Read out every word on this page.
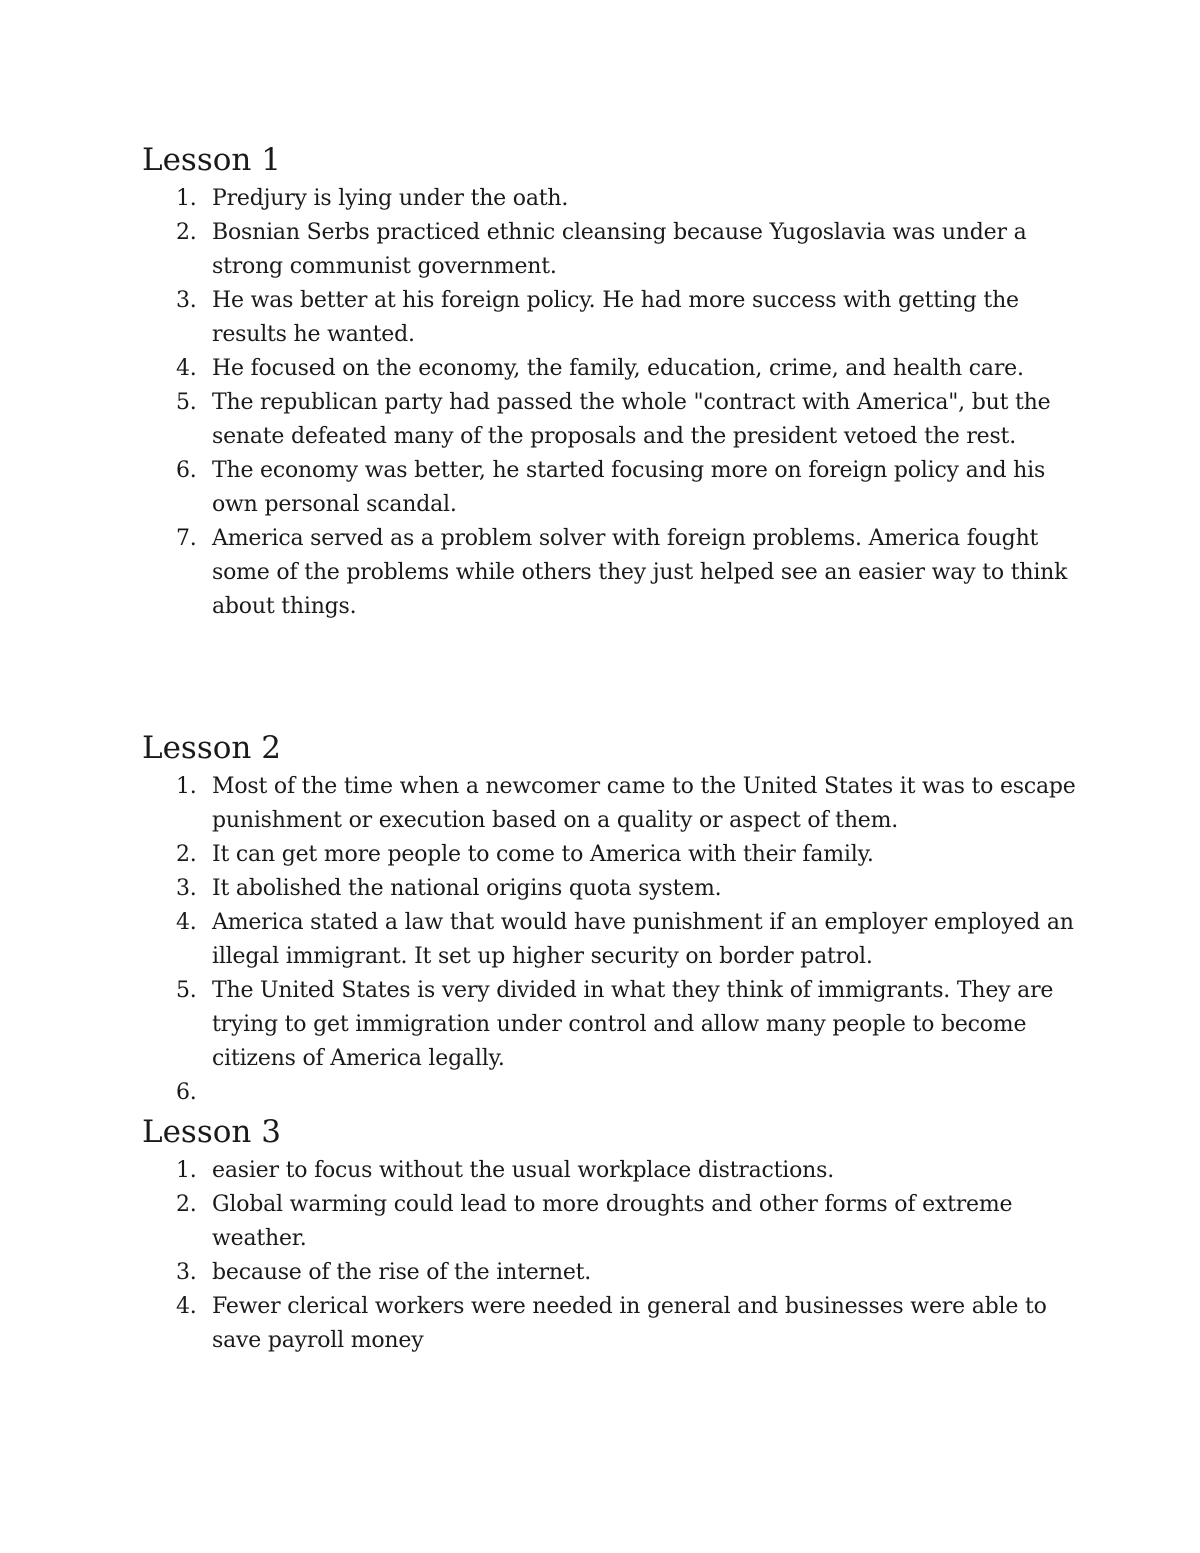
Lesson 1
1. Predjury is lying under the oath.
2. Bosnian Serbs practiced ethnic cleansing because Yugoslavia was under a strong communist government.
3. He was better at his foreign policy. He had more success with getting the results he wanted.
4. He focused on the economy, the family, education, crime, and health care.
5. The republican party had passed the whole "contract with America", but the senate defeated many of the proposals and the president vetoed the rest.
6. The economy was better, he started focusing more on foreign policy and his own personal scandal.
7. America served as a problem solver with foreign problems. America fought some of the problems while others they just helped see an easier way to think about things.
Lesson 2
1. Most of the time when a newcomer came to the United States it was to escape punishment or execution based on a quality or aspect of them.
2. It can get more people to come to America with their family.
3. It abolished the national origins quota system.
4. America stated a law that would have punishment if an employer employed an illegal immigrant. It set up higher security on border patrol.
5. The United States is very divided in what they think of immigrants. They are trying to get immigration under control and allow many people to become citizens of America legally.
6.
Lesson 3
1. easier to focus without the usual workplace distractions.
2. Global warming could lead to more droughts and other forms of extreme weather.
3. because of the rise of the internet.
4. Fewer clerical workers were needed in general and businesses were able to save payroll money
